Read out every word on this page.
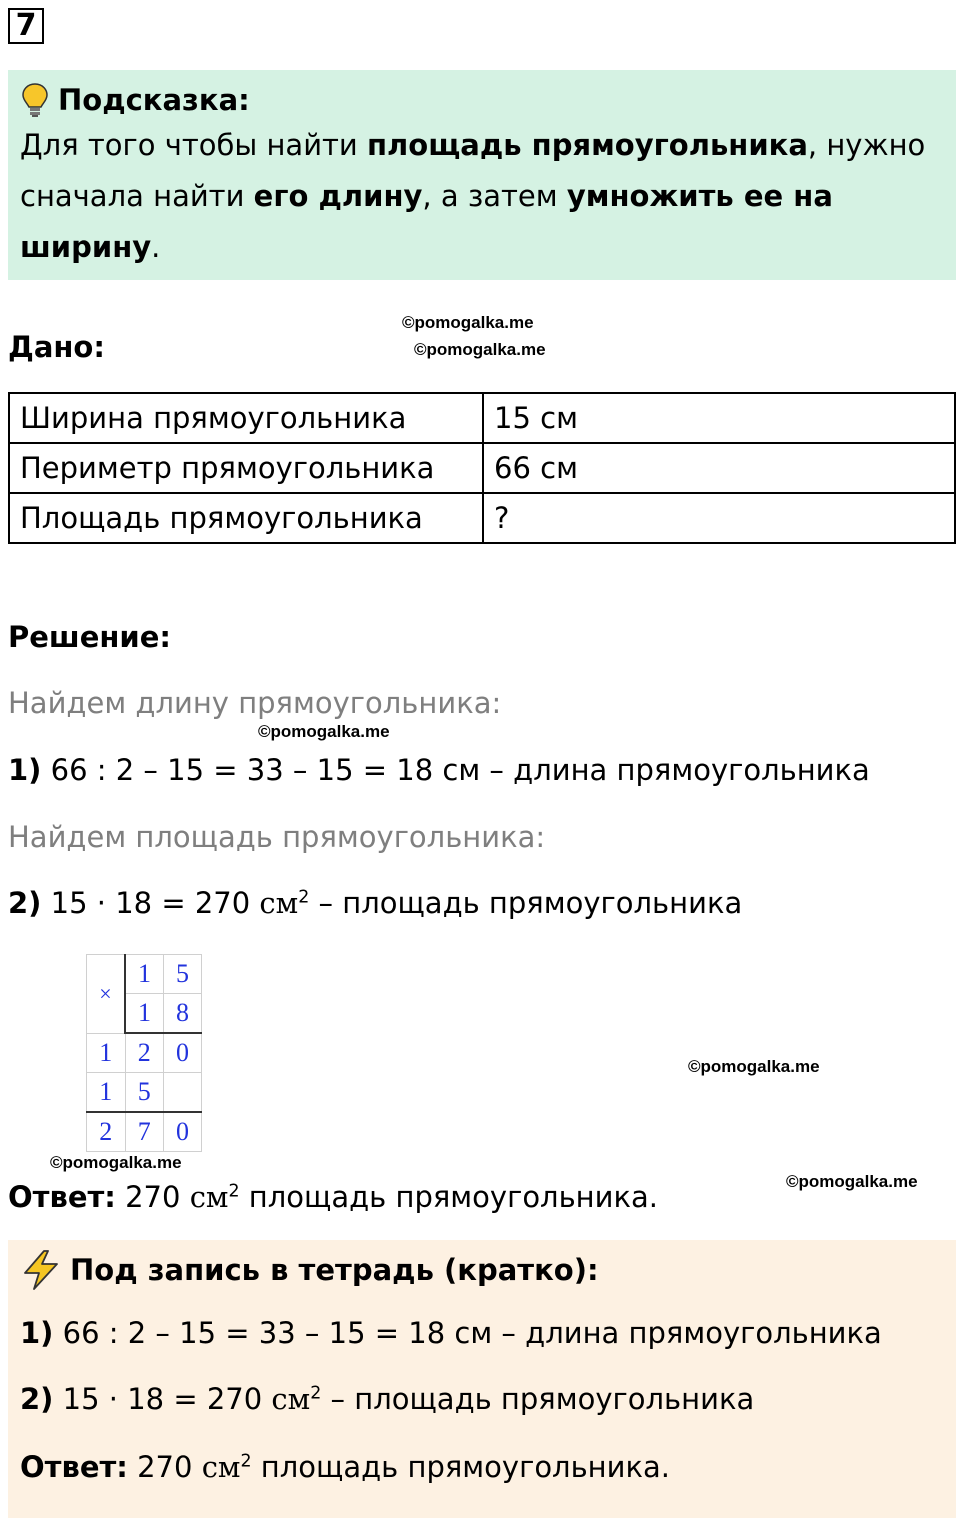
7
Подсказка:
Для того чтобы найти площадь прямоугольника, нужно
сначала найти его длину, а затем умножить ее на ширину.
©pomogalka.me
©pomogalka.me
Дано:
Ширина прямоугольника	15 см
Периметр прямоугольника	66 см
Площадь прямоугольника	?
Решение:
Найдем длину прямоугольника:
©pomogalka.me
1) 66 : 2 – 15 = 33 – 15 = 18 см – длина прямоугольника
Найдем площадь прямоугольника:
2) 15 · 18 = 270 $см^2$ – площадь прямоугольника
×	1	5
	1	8
1	2	0
1	5	
2	7	0
©pomogalka.me
©pomogalka.me
©pomogalka.me
Ответ: 270 $см^2$ площадь прямоугольника.
Под запись в тетрадь (кратко):
1) 66 : 2 – 15 = 33 – 15 = 18 см – длина прямоугольника
2) 15 · 18 = 270 $см^2$ – площадь прямоугольника
Ответ: 270 $см^2$ площадь прямоугольника.
